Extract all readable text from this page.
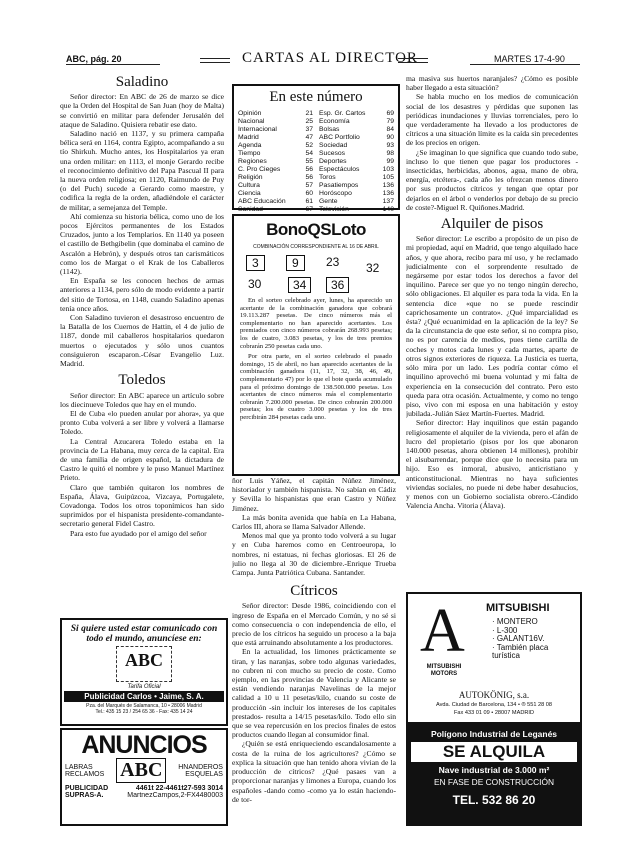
ABC, pág. 20	CARTAS AL DIRECTOR	MARTES 17-4-90
Saladino

Señor director: En ABC de 26 de marzo se dice que la Orden del Hospital de San Juan (hoy de Malta) se convirtió en militar para defender Jerusalén del ataque de Saladino. Quisiera rebatir ese dato.

Saladino nació en 1137, y su primera campaña bélica será en 1164, contra Egipto, acompañando a su tío Shirkuh. Mucho antes, los Hospitalarios ya eran una orden militar: en 1113, el monje Gerardo recibe el reconocimiento definitivo del Papa Pascual II para la nueva orden religiosa; en 1120, Raimundo de Puy (o del Puch) sucede a Gerardo como maestre, y codifica la regla de la orden, añadiéndole el carácter de militar, a semejanza del Temple.

Ahí comienza su historia bélica, como uno de los pocos Ejércitos permanentes de los Estados Cruzados, junto a los Templarios. En 1140 ya poseen el castillo de Bethgibelin (que dominaba el camino de Ascalón a Hebrón), y después otros tan carismáticos como los de Margat o el Krak de los Caballeros (1142).

En España se les conocen hechos de armas anteriores a 1134, pero sólo de modo evidente a partir del sitio de Tortosa, en 1148, cuando Saladino apenas tenía once años.

Con Saladino tuvieron el desastroso encuentro de la Batalla de los Cuernos de Hattin, el 4 de julio de 1187, donde mil caballeros hospitalarios quedaron muertos o ejecutados y sólo unos cuantos consiguieron escaparon.-César Evangelio Luz. Madrid.

Toledos

Señor director: En ABC aparece un artículo sobre los diecinueve Toledos que hay en el mundo.

El de Cuba «lo pueden anular por ahora», ya que pronto Cuba volverá a ser libre y volverá a llamarse Toledo.

La Central Azucarera Toledo estaba en la provincia de La Habana, muy cerca de la capital. Era de una familia de origen español, la dictadura de Castro le quitó el nombre y le puso Manuel Martínez Prieto.

Claro que también quitaron los nombres de España, Álava, Guipúzcoa, Vizcaya, Portugalete, Covadonga. Todos los otros toponímicos han sido suprimidos por el hispanista presidente-comandante-secretario general Fidel Castro.

Para esto fue ayudado por el amigo del señor

En este número
Opinión	21
Nacional	25
Internacional	37
Madrid	47
Agenda	52
Tiempo	54
Regiones	55
C. Pro Cieges	56
Religión	56
Cultura	57
Ciencia	60
ABC Educación	61
Sanidad	67
Esp. Gr. Cartos	69
Economía	79
Bolsas	84
ABC Portfolio	90
Sociedad	93
Sucesos	98
Deportes	99
Espectáculos	103
Toros	105
Pasatiempos	136
Horóscopo	136
Gente	137
Televisión	140
BonoQSLoto
COMBINACIÓN CORRESPONDIENTE AL 16 DE ABRIL
3	9	23 32
30	34	36

En el sorteo celebrado ayer, lunes, ha aparecido un acertante de la combinación ganadora que cobrará 19.113.287 pesetas. De cinco números más el complementario no han aparecido acertantes. Los premiados con cinco números cobrarán 268.993 pesetas; los de cuatro, 3.083 pesetas, y los de tres premios cobrarán 250 pesetas cada uno.

Por otra parte, en el sorteo celebrado el pasado domingo, 15 de abril, no han aparecido acertantes de la combinación ganadora (11, 17, 32, 38, 46, 49, complementario 47) por lo que el bote queda acumulado para el próximo domingo de 138.500.000 pesetas. Los acertantes de cinco números más el complementario cobrarán 7.200.000 pesetas. De cinco cobrarán 200.000 pesetas; los de cuatro 3.000 pesetas y los de tres percibirán 284 pesetas cada uno.

ñor Luis Yáñez, el capitán Núñez Jiménez, historiador y también hispanista. No sabían en Cádiz y Sevilla lo hispanistas que eran Castro y Núñez Jiménez.

La más bonita avenida que había en La Habana, Carlos III, ahora se llama Salvador Allende.

Menos mal que ya pronto todo volverá a su lugar y en Cuba haremos como en Centroeuropa, lo nombres, ni estatuas, ni fechas gloriosas. El 26 de julio no llega al 30 de diciembre.-Enrique Trueba Campa. Junta Patriótica Cubana. Santander.

Cítricos

Señor director: Desde 1986, coincidiendo con el ingreso de España en el Mercado Común, y no sé si como consecuencia o con independencia de ello, el precio de los cítricos ha seguido un proceso a la baja que está arruinando absolutamente a los productores.

En la actualidad, los limones prácticamente se tiran, y las naranjas, sobre todo algunas variedades, no cubren ni con mucho su precio de coste. Como ejemplo, en las provincias de Valencia y Alicante se están vendiendo naranjas Navelinas de la mejor calidad a 10 u 11 pesetas/kilo, cuando su coste de producción -sin incluir los intereses de los capitales prestados- resulta a 14/15 pesetas/kilo. Todo ello sin que se vea repercusión en los precios finales de estos productos cuando llegan al consumidor final.

¿Quién se está enriqueciendo escandalosamente a costa de la ruina de los agricultores? ¿Cómo se explica la situación que han tenido ahora vivian de la producción de cítricos? ¿Qué pasaes van a proporcionar naranjas y limones a Europa, cuando los españoles -dando como -como ya lo están haciendo- de tor-

ma masiva sus huertos naranjales? ¿Cómo es posible haber llegado a esta situación?

Se habla mucho en los medios de comunicación social de los desastres y pérdidas que suponen las periódicas inundaciones y lluvias torrenciales, pero lo que verdaderamente ha llevado a los productores de cítricos a una situación límite es la caída sin precedentes de los precios en origen.

¿Se imaginan lo que significa que cuando todo sube, incluso lo que tienen que pagar los productores -insecticidas, herbicidas, abonos, agua, mano de obra, energía, etcétera-, cada año les ofrezcan menos dinero por sus productos cítricos y tengan que optar por dejarlos en el árbol o venderlos por debajo de su precio de coste?-Miguel R. Quiñones.Madrid.

Alquiler de pisos

Señor director: Le escribo a propósito de un piso de mi propiedad, aquí en Madrid, que tengo alquilado hace años, y que ahora, recibo para mí uso, y he reclamado judicialmente con el sorprendente resultado de negárseme por estar todos los derechos a favor del inquilino. Parece ser que yo no tengo ningún derecho, sólo obligaciones. El alquiler es para toda la vida. En la sentencia dice «que no se puede rescindir caprichosamente un contrato». ¿Qué imparcialidad es ésta? ¿Qué ecuanimidad en la aplicación de la ley? Se da la circunstancia de que este señor, si no compra piso, no es por carencia de medios, pues tiene cartilla de coches y motos cada lunes y cada martes, aparte de otros signos exteriores de riqueza. La Justicia es tuerta, sólo mira por un lado. Les podría contar cómo el inquilino aprovechó mi buena voluntad y mi falta de experiencia en la consecución del contrato. Pero esto queda para otra ocasión. Actualmente, y como no tengo piso, vivo con mi esposa en una habitación y estoy jubilada.-Julián Sáez Martín-Fuertes. Madrid.

Señor director: Hay inquilinos que están pagando religiosamente el alquiler de la vivienda, pero el afán de lucro del propietario (pisos por los que abonaron 140.000 pesetas, ahora obtienen 14 millones), prohibir el alsubarrendar, porque dice que lo necesita para un hijo. Eso es inmoral, abusivo, anticristiano y anticonstitucional. Mientras no haya suficientes viviendas sociales, no puede ni debe haber desahucios, y menos con un Gobierno socialista obrero.-Cándido Valencia Ancha. Vitoria (Álava).

Si quiere usted estar comunicado con todo el mundo, anuncíese en:
ABC
Tarifa Oficial
Publicidad Carlos • Jaime, S. A.
Pza. del Marqués de Salamanca, 10 • 28006 Madrid
Tel.: 435 15 23 / 254 65 36 - Fax: 435 14 24
ANUNCIOS
LABRAS
RECLAMOS ABC	HNANDEROS
ESQUELAS
PUBLICIDAD
SUPRAS-A.
4461t 22-4461t27-593 3014
MartnezCampos,2-FX4480003
A
MITSUBISHI
MOTORS
MITSUBISHI
· MONTERO
· L-300
· GALANT16V.
· También placa
turística
AUTOKÖNIG, s.a.
Avda. Ciudad de Barcelona, 134 • ® 551 28 08
Fax 433 01 09 • 28007 MADRID
Polígono Industrial de Leganés
SE ALQUILA
Nave industrial de 3.000 m²
EN FASE DE CONSTRUCCIÓN
TEL. 532 86 20
